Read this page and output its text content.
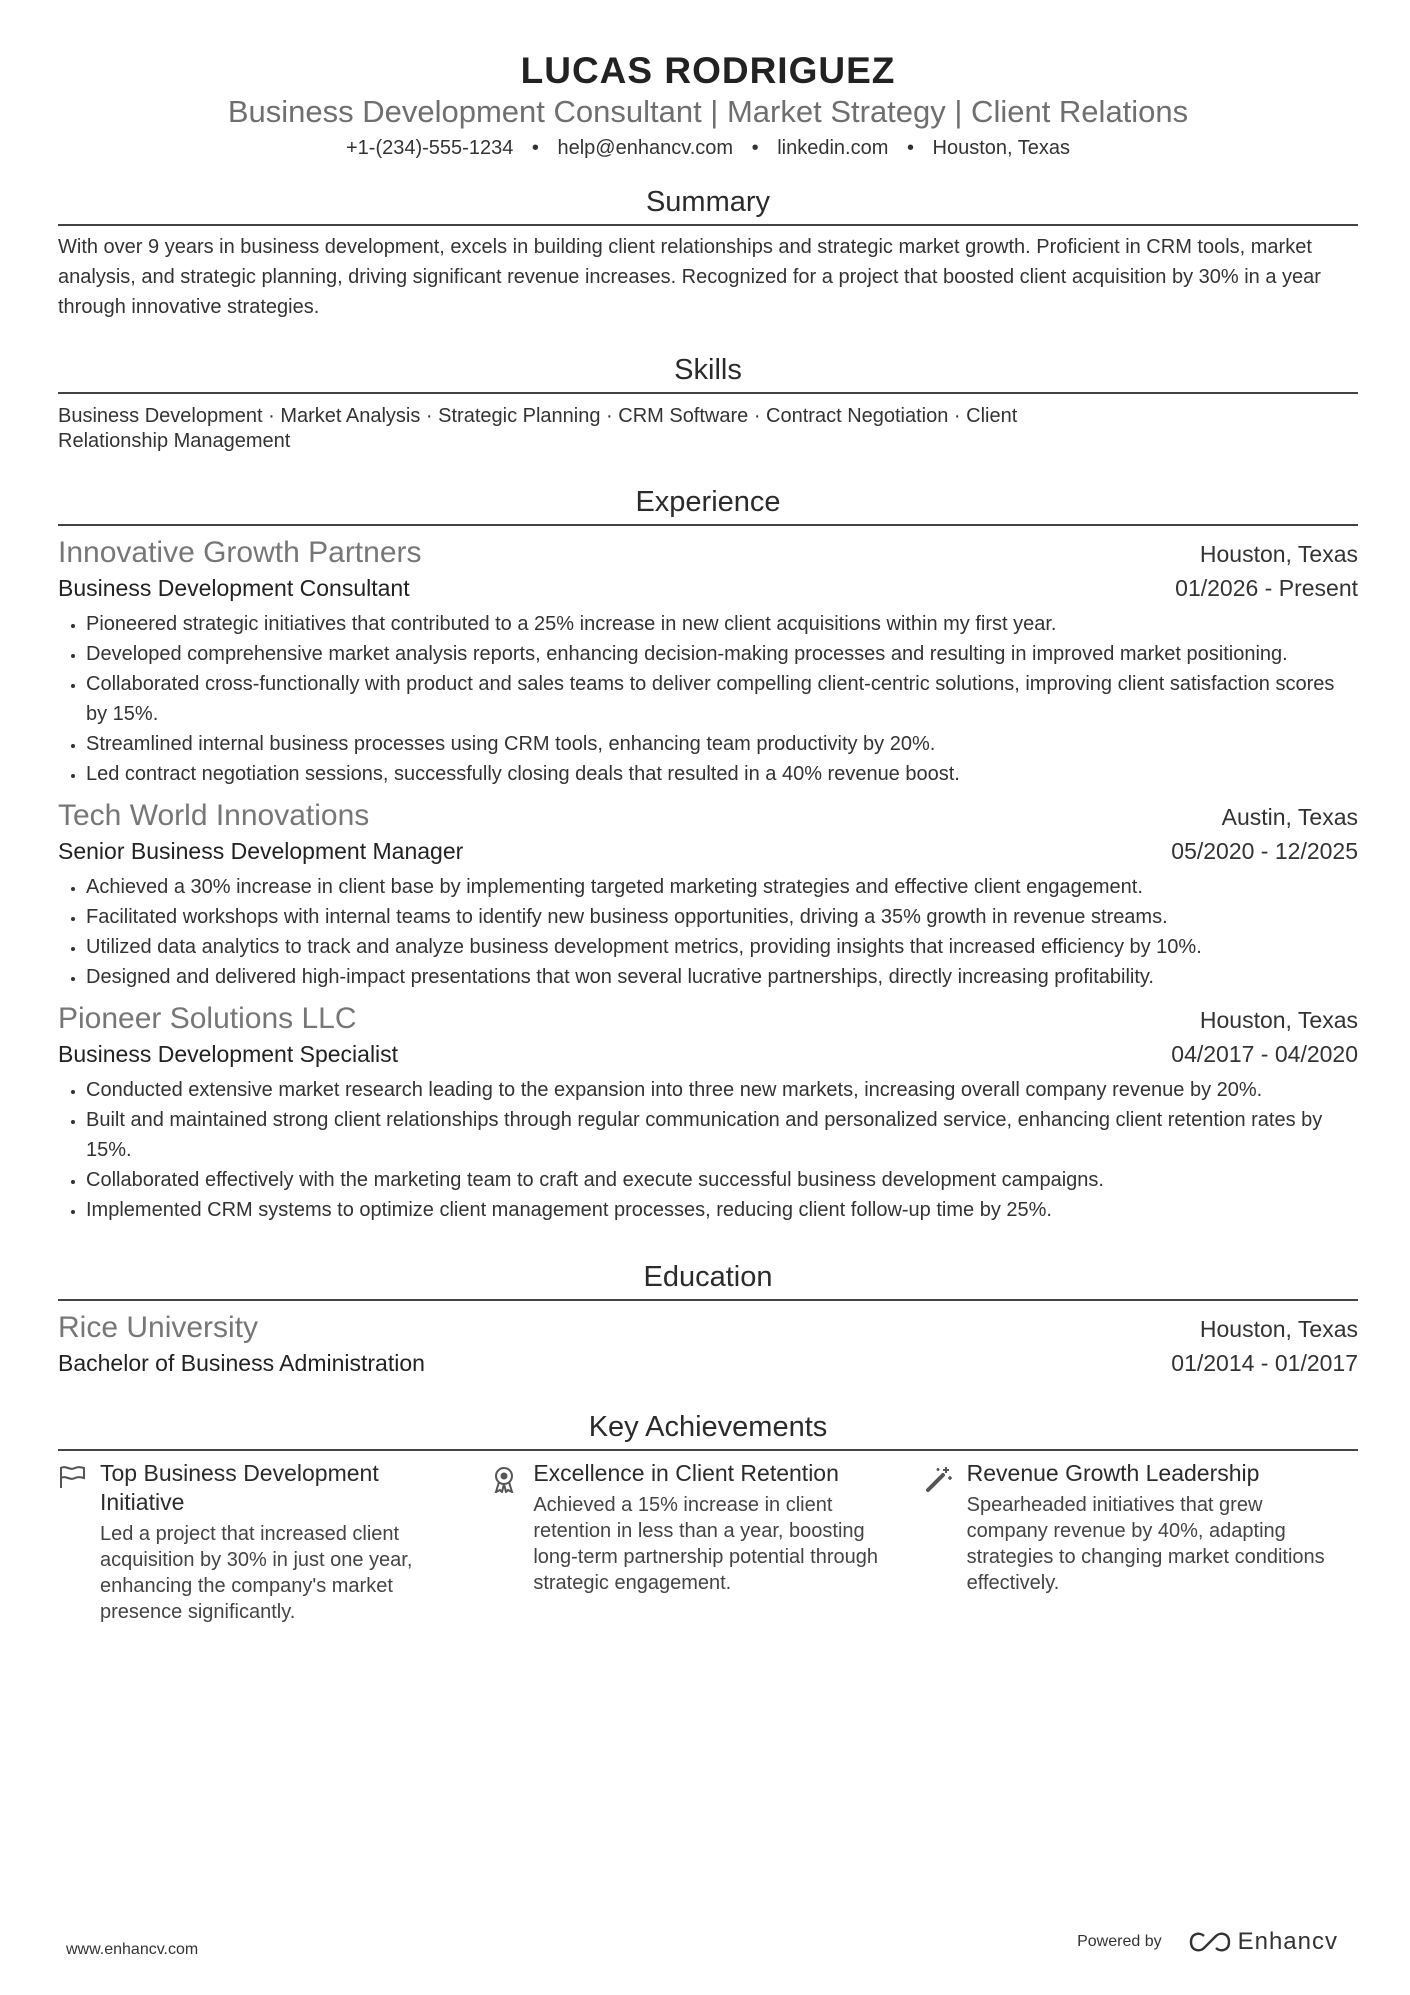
LUCAS RODRIGUEZ
Business Development Consultant | Market Strategy | Client Relations
+1-(234)-555-1234 • help@enhancv.com • linkedin.com • Houston, Texas
Summary
With over 9 years in business development, excels in building client relationships and strategic market growth. Proficient in CRM tools, market analysis, and strategic planning, driving significant revenue increases. Recognized for a project that boosted client acquisition by 30% in a year through innovative strategies.
Skills
Business Development · Market Analysis · Strategic Planning · CRM Software · Contract Negotiation · Client Relationship Management
Experience
Innovative Growth Partners	Houston, Texas
Business Development Consultant	01/2026 - Present
• Pioneered strategic initiatives that contributed to a 25% increase in new client acquisitions within my first year.
• Developed comprehensive market analysis reports, enhancing decision-making processes and resulting in improved market positioning.
• Collaborated cross-functionally with product and sales teams to deliver compelling client-centric solutions, improving client satisfaction scores by 15%.
• Streamlined internal business processes using CRM tools, enhancing team productivity by 20%.
• Led contract negotiation sessions, successfully closing deals that resulted in a 40% revenue boost.
Tech World Innovations	Austin, Texas
Senior Business Development Manager	05/2020 - 12/2025
• Achieved a 30% increase in client base by implementing targeted marketing strategies and effective client engagement.
• Facilitated workshops with internal teams to identify new business opportunities, driving a 35% growth in revenue streams.
• Utilized data analytics to track and analyze business development metrics, providing insights that increased efficiency by 10%.
• Designed and delivered high-impact presentations that won several lucrative partnerships, directly increasing profitability.
Pioneer Solutions LLC	Houston, Texas
Business Development Specialist	04/2017 - 04/2020
• Conducted extensive market research leading to the expansion into three new markets, increasing overall company revenue by 20%.
• Built and maintained strong client relationships through regular communication and personalized service, enhancing client retention rates by 15%.
• Collaborated effectively with the marketing team to craft and execute successful business development campaigns.
• Implemented CRM systems to optimize client management processes, reducing client follow-up time by 25%.
Education
Rice University	Houston, Texas
Bachelor of Business Administration	01/2014 - 01/2017
Key Achievements
Top Business Development Initiative
Led a project that increased client acquisition by 30% in just one year, enhancing the company's market presence significantly.
Excellence in Client Retention
Achieved a 15% increase in client retention in less than a year, boosting long-term partnership potential through strategic engagement.
Revenue Growth Leadership
Spearheaded initiatives that grew company revenue by 40%, adapting strategies to changing market conditions effectively.
www.enhancv.com	Powered by	Enhancv
